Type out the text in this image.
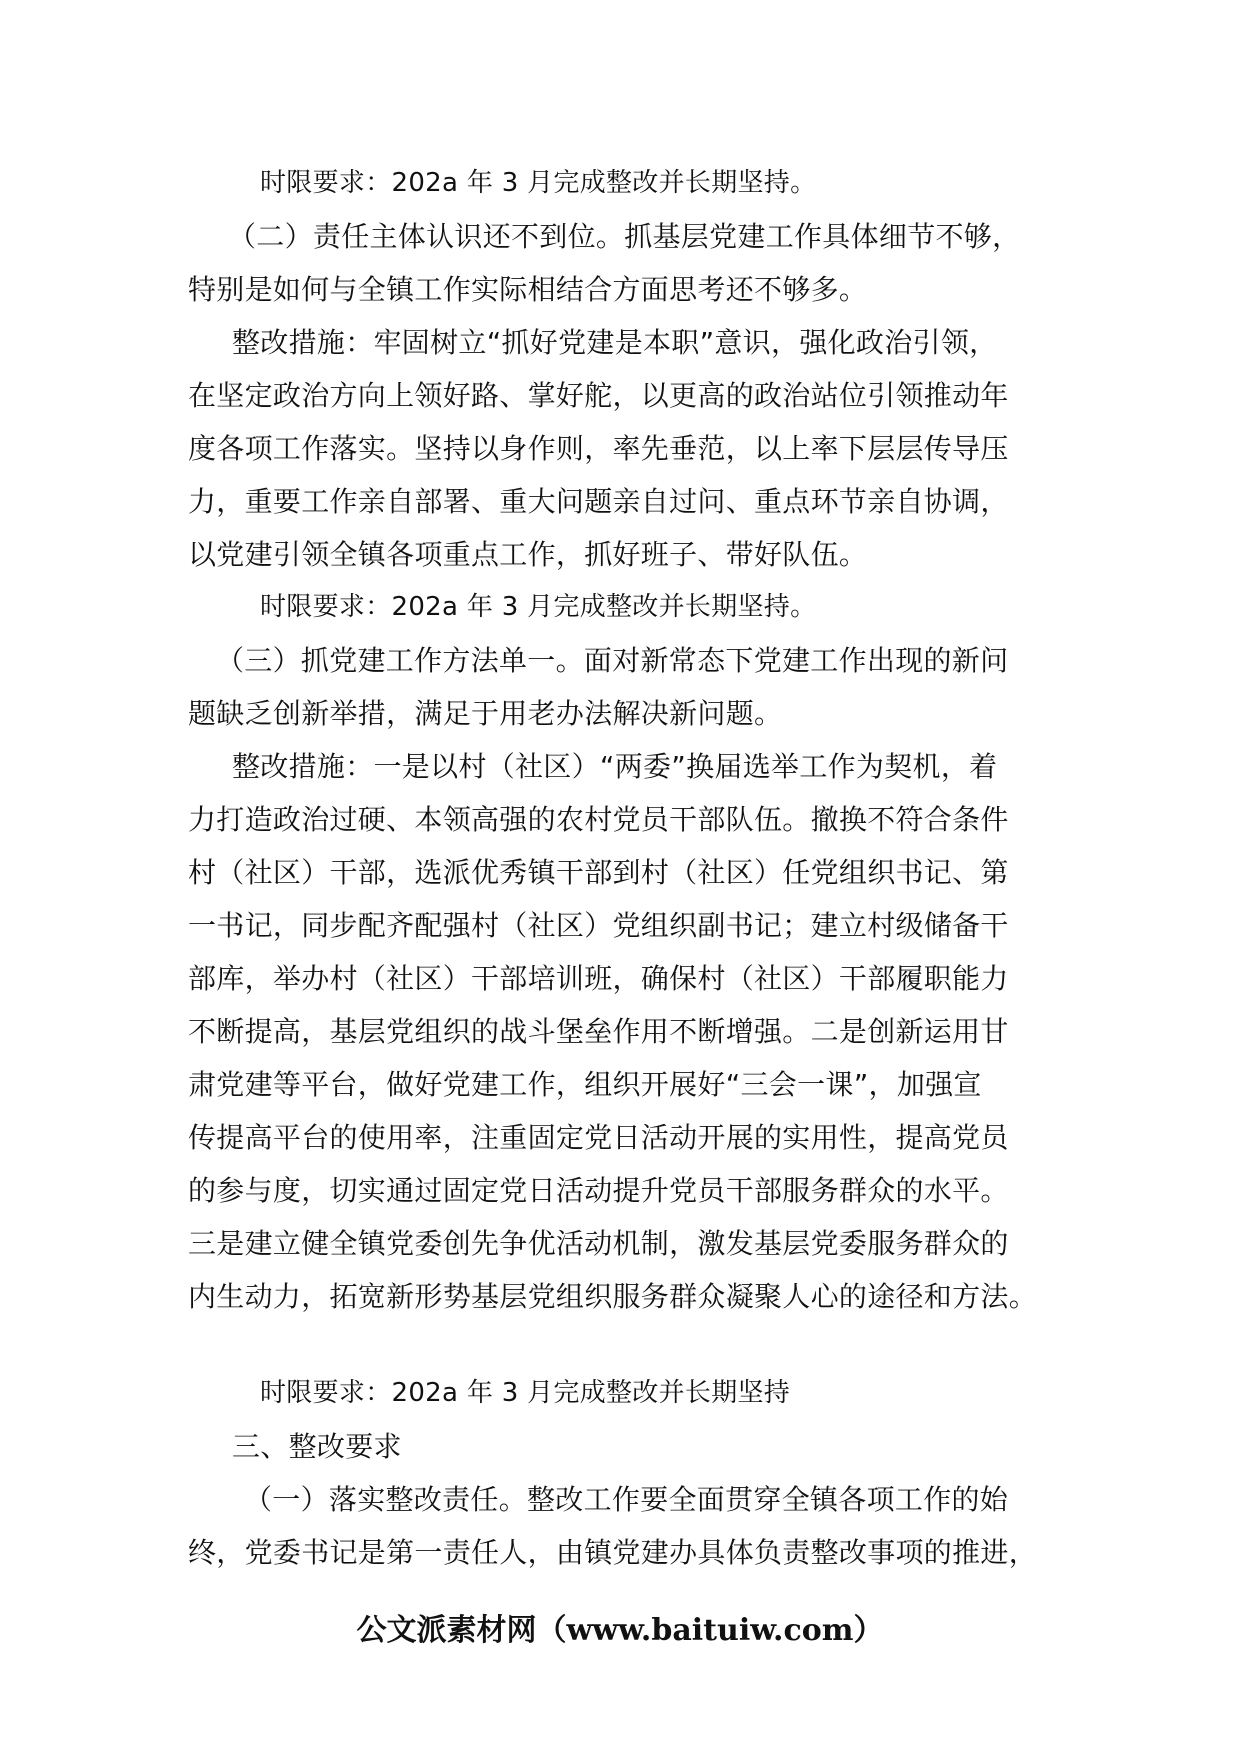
时限要求：202a 年 3 月完成整改并长期坚持。
（二）责任主体认识还不到位。抓基层党建工作具体细节不够，
特别是如何与全镇工作实际相结合方面思考还不够多。
整改措施：牢固树立“抓好党建是本职”意识，强化政治引领，
在坚定政治方向上领好路、掌好舵，以更高的政治站位引领推动年
度各项工作落实。坚持以身作则，率先垂范，以上率下层层传导压
力，重要工作亲自部署、重大问题亲自过问、重点环节亲自协调，
以党建引领全镇各项重点工作，抓好班子、带好队伍。
时限要求：202a 年 3 月完成整改并长期坚持。
（三）抓党建工作方法单一。面对新常态下党建工作出现的新问
题缺乏创新举措，满足于用老办法解决新问题。
整改措施：一是以村（社区）“两委”换届选举工作为契机，着
力打造政治过硬、本领高强的农村党员干部队伍。撤换不符合条件
村（社区）干部，选派优秀镇干部到村（社区）任党组织书记、第
一书记，同步配齐配强村（社区）党组织副书记；建立村级储备干
部库，举办村（社区）干部培训班，确保村（社区）干部履职能力
不断提高，基层党组织的战斗堡垒作用不断增强。二是创新运用甘
肃党建等平台，做好党建工作，组织开展好“三会一课”，加强宣
传提高平台的使用率，注重固定党日活动开展的实用性，提高党员
的参与度，切实通过固定党日活动提升党员干部服务群众的水平。
三是建立健全镇党委创先争优活动机制，激发基层党委服务群众的
内生动力，拓宽新形势基层党组织服务群众凝聚人心的途径和方法。
时限要求：202a 年 3 月完成整改并长期坚持
三、整改要求
（一）落实整改责任。整改工作要全面贯穿全镇各项工作的始
终，党委书记是第一责任人，由镇党建办具体负责整改事项的推进，
公文派素材网（www.baituiw.com）
